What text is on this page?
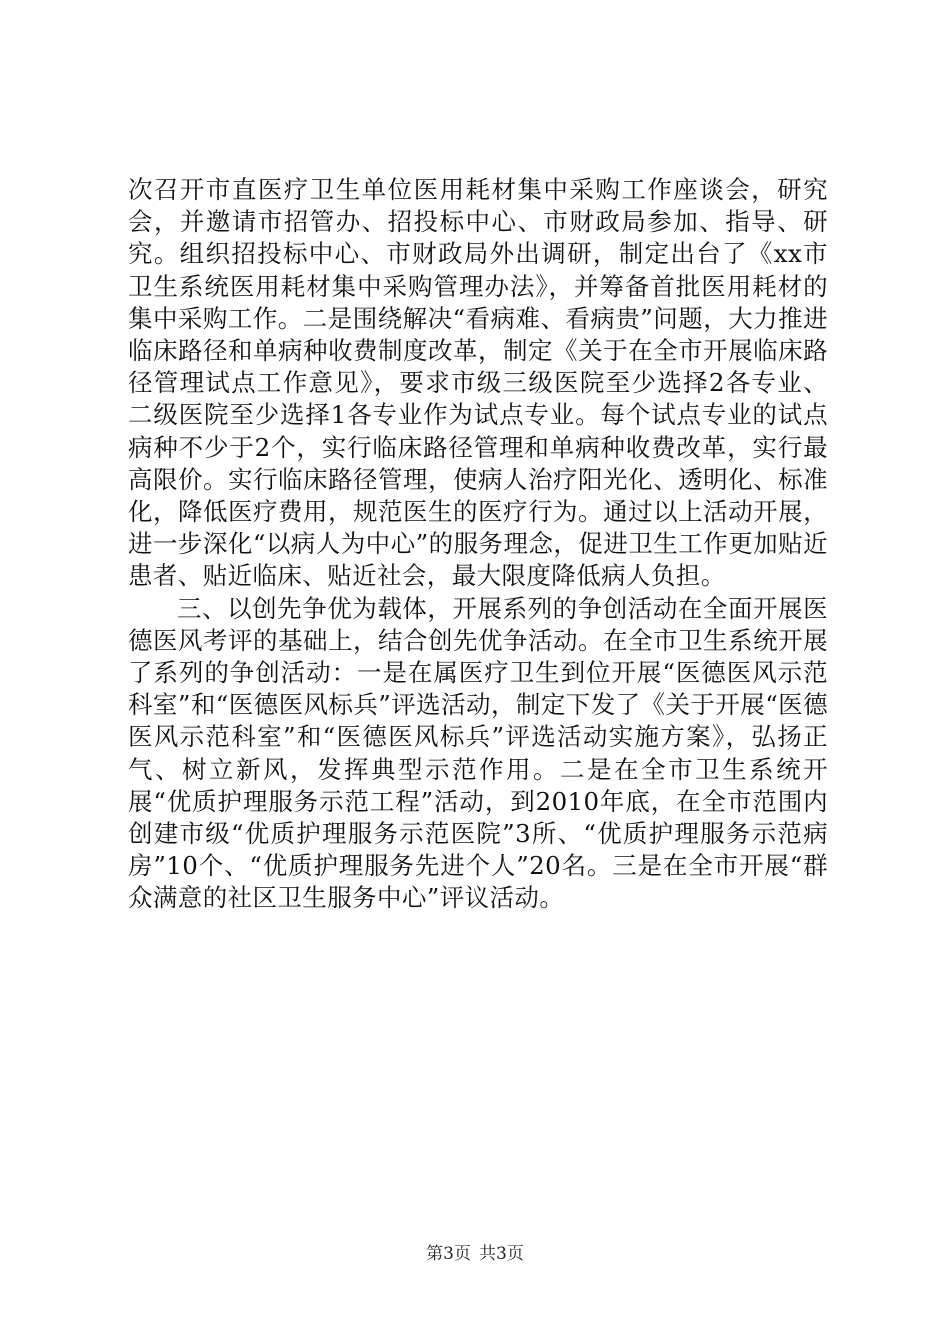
次召开市直医疗卫生单位医用耗材集中采购工作座谈会，研究会，并邀请市招管办、招投标中心、市财政局参加、指导、研究。组织招投标中心、市财政局外出调研，制定出台了《xx市卫生系统医用耗材集中采购管理办法》，并筹备首批医用耗材的集中采购工作。二是围绕解决“看病难、看病贵”问题，大力推进临床路径和单病种收费制度改革，制定《关于在全市开展临床路径管理试点工作意见》，要求市级三级医院至少选择2各专业、二级医院至少选择1各专业作为试点专业。每个试点专业的试点病种不少于2个，实行临床路径管理和单病种收费改革，实行最高限价。实行临床路径管理，使病人治疗阳光化、透明化、标准化，降低医疗费用，规范医生的医疗行为。通过以上活动开展，进一步深化“以病人为中心”的服务理念，促进卫生工作更加贴近患者、贴近临床、贴近社会，最大限度降低病人负担。

三、以创先争优为载体，开展系列的争创活动在全面开展医德医风考评的基础上，结合创先优争活动。在全市卫生系统开展了系列的争创活动：一是在属医疗卫生到位开展“医德医风示范科室”和“医德医风标兵”评选活动，制定下发了《关于开展“医德医风示范科室”和“医德医风标兵”评选活动实施方案》，弘扬正气、树立新风，发挥典型示范作用。二是在全市卫生系统开展“优质护理服务示范工程”活动，到2010年底，在全市范围内创建市级“优质护理服务示范医院”3所、“优质护理服务示范病房”10个、“优质护理服务先进个人”20名。三是在全市开展“群众满意的社区卫生服务中心”评议活动。

第3页 共3页
